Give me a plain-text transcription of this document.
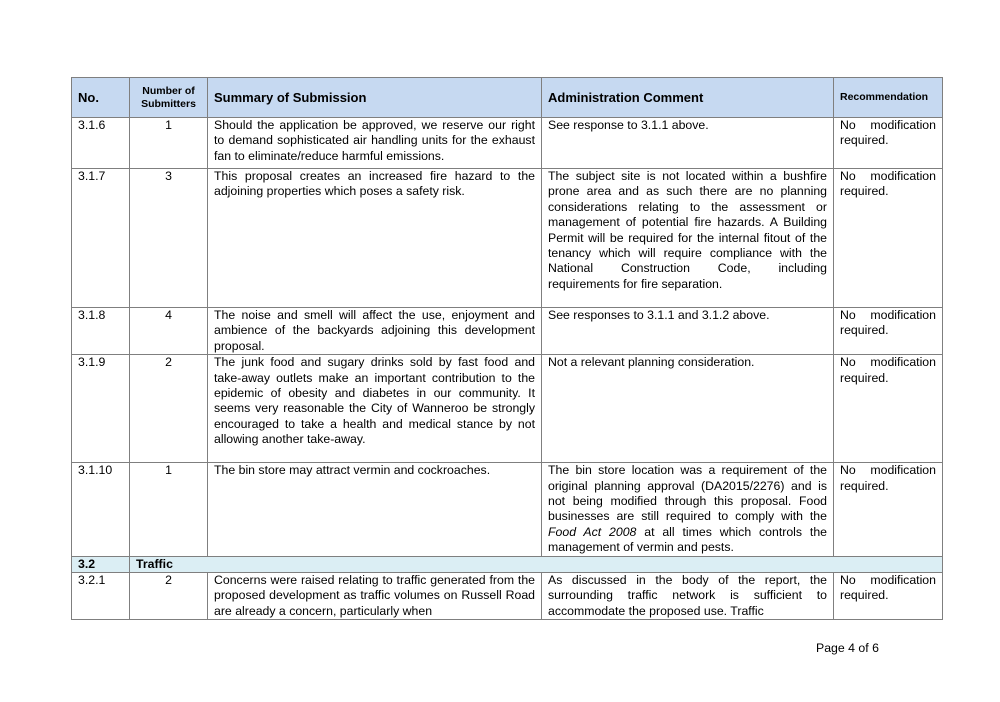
No.	Number of Submitters	Summary of Submission	Administration Comment	Recommendation
3.1.6	1	Should the application be approved, we reserve our right to demand sophisticated air handling units for the exhaust fan to eliminate/reduce harmful emissions.	See response to 3.1.1 above.	No modification required.
3.1.7	3	This proposal creates an increased fire hazard to the adjoining properties which poses a safety risk.	The subject site is not located within a bushfire prone area and as such there are no planning considerations relating to the assessment or management of potential fire hazards. A Building Permit will be required for the internal fitout of the tenancy which will require compliance with the National Construction Code, including requirements for fire separation.	No modification required.
3.1.8	4	The noise and smell will affect the use, enjoyment and ambience of the backyards adjoining this development proposal.	See responses to 3.1.1 and 3.1.2 above.	No modification required.
3.1.9	2	The junk food and sugary drinks sold by fast food and take-away outlets make an important contribution to the epidemic of obesity and diabetes in our community. It seems very reasonable the City of Wanneroo be strongly encouraged to take a health and medical stance by not allowing another take-away.	Not a relevant planning consideration.	No modification required.
3.1.10	1	The bin store may attract vermin and cockroaches.	The bin store location was a requirement of the original planning approval (DA2015/2276) and is not being modified through this proposal. Food businesses are still required to comply with the Food Act 2008 at all times which controls the management of vermin and pests.	No modification required.
3.2	Traffic			
3.2.1	2	Concerns were raised relating to traffic generated from the proposed development as traffic volumes on Russell Road are already a concern, particularly when	As discussed in the body of the report, the surrounding traffic network is sufficient to accommodate the proposed use. Traffic	No modification required.
Page 4 of 6
